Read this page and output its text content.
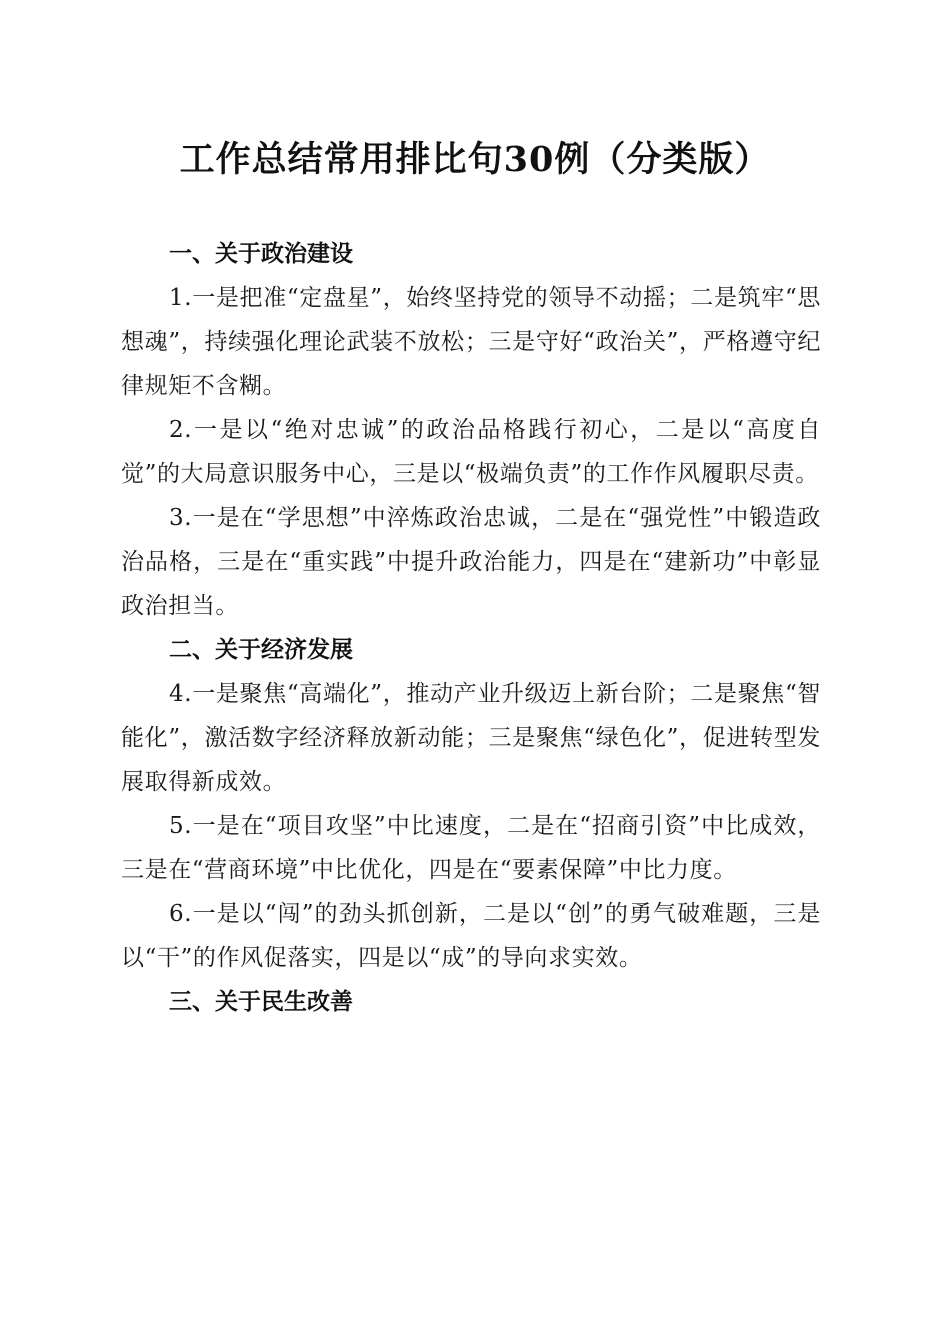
工作总结常用排比句30例（分类版）
一、关于政治建设

1.一是把准“定盘星”，始终坚持党的领导不动摇；二是筑牢“思想魂”，持续强化理论武装不放松；三是守好“政治关”，严格遵守纪律规矩不含糊。

2.一是以“绝对忠诚”的政治品格践行初心，二是以“高度自觉”的大局意识服务中心，三是以“极端负责”的工作作风履职尽责。

3.一是在“学思想”中淬炼政治忠诚，二是在“强党性”中锻造政治品格，三是在“重实践”中提升政治能力，四是在“建新功”中彰显政治担当。

二、关于经济发展

4.一是聚焦“高端化”，推动产业升级迈上新台阶；二是聚焦“智能化”，激活数字经济释放新动能；三是聚焦“绿色化”，促进转型发展取得新成效。

5.一是在“项目攻坚”中比速度，二是在“招商引资”中比成效，三是在“营商环境”中比优化，四是在“要素保障”中比力度。

6.一是以“闯”的劲头抓创新，二是以“创”的勇气破难题，三是以“干”的作风促落实，四是以“成”的导向求实效。

三、关于民生改善
